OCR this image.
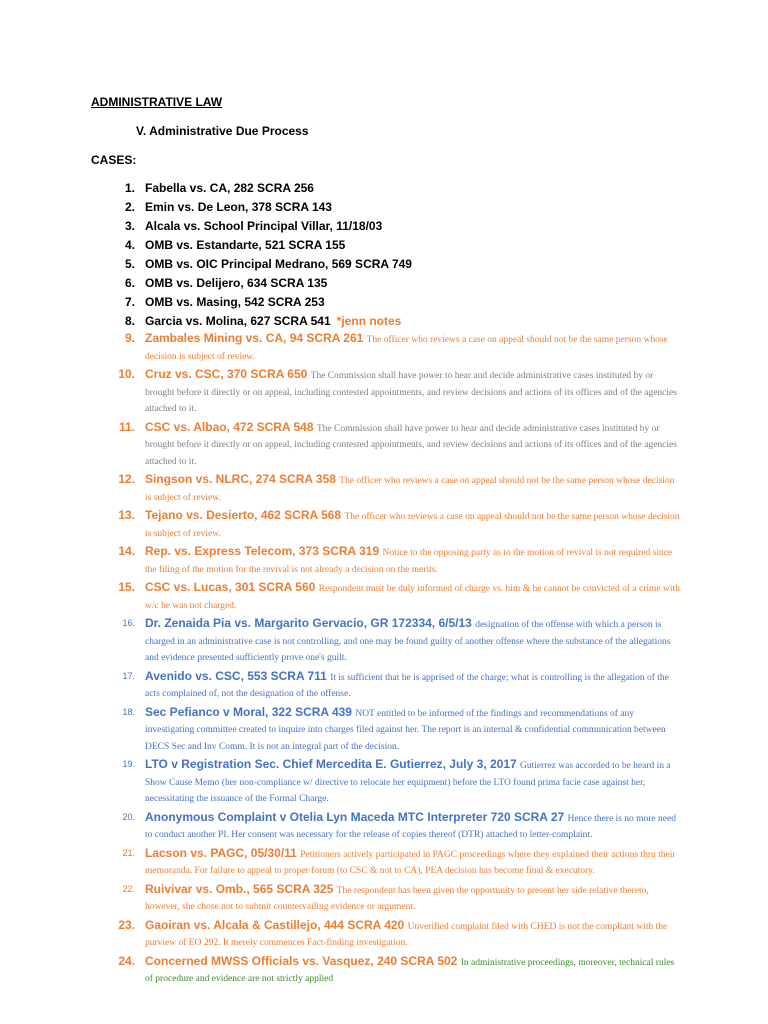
ADMINISTRATIVE LAW
V. Administrative Due Process
CASES:
1. Fabella vs. CA, 282 SCRA 256
2. Emin vs. De Leon, 378 SCRA 143
3. Alcala vs. School Principal Villar, 11/18/03
4. OMB vs. Estandarte, 521 SCRA 155
5. OMB vs. OIC Principal Medrano, 569 SCRA 749
6. OMB vs. Delijero, 634 SCRA 135
7. OMB vs. Masing, 542 SCRA 253
8. Garcia vs. Molina, 627 SCRA 541 *jenn notes
9. Zambales Mining vs. CA, 94 SCRA 261 The officer who reviews a case on appeal should not be the same person whose decision is subject of review.
10. Cruz vs. CSC, 370 SCRA 650 The Commission shall have power to hear and decide administrative cases instituted by or brought before it directly or on appeal, including contested appointments, and review decisions and actions of its offices and of the agencies attached to it.
11. CSC vs. Albao, 472 SCRA 548 The Commission shall have power to hear and decide administrative cases instituted by or brought before it directly or on appeal, including contested appointments, and review decisions and actions of its offices and of the agencies attached to it.
12. Singson vs. NLRC, 274 SCRA 358 The officer who reviews a case on appeal should not be the same person whose decision is subject of review.
13. Tejano vs. Desierto, 462 SCRA 568 The officer who reviews a case on appeal should not be the same person whose decision is subject of review.
14. Rep. vs. Express Telecom, 373 SCRA 319 Notice to the opposing party as to the motion of revival is not required since the filing of the motion for the revival is not already a decision on the merits.
15. CSC vs. Lucas, 301 SCRA 560 Respondent must be duly informed of charge vs. him & he cannot be convicted of a crime with w/c he was not charged.
16. Dr. Zenaida Pia vs. Margarito Gervacio, GR 172334, 6/5/13 designation of the offense with which a person is charged in an administrative case is not controlling, and one may be found guilty of another offense where the substance of the allegations and evidence presented sufficiently prove one's guilt.
17. Avenido vs. CSC, 553 SCRA 711 It is sufficient that he is apprised of the charge; what is controlling is the allegation of the acts complained of, not the designation of the offense.
18. Sec Pefianco v Moral, 322 SCRA 439 NOT entitled to be informed of the findings and recommendations of any investigating committee created to inquire into charges filed against her. The report is an internal & confidential communication between DECS Sec and Inv Comm. It is not an integral part of the decision.
19. LTO v Registration Sec. Chief Mercedita E. Gutierrez, July 3, 2017 Gutierrez was accorded to be heard in a Show Cause Memo (her non-compliance w/ directive to relocate her equipment) before the LTO found prima facie case against her, necessitating the issuance of the Formal Charge.
20. Anonymous Complaint v Otelia Lyn Maceda MTC Interpreter 720 SCRA 27 Hence there is no more need to conduct another PI. Her consent was necessary for the release of copies thereof (DTR) attached to letter-complaint.
21. Lacson vs. PAGC, 05/30/11 Petitioners actively participated in PAGC proceedings where they explained their actions thru their memoranda. For failure to appeal to proper forum (to CSC & not to CA), PEA decision has become final & executory.
22. Ruivivar vs. Omb., 565 SCRA 325 The respondent has been given the opportunity to present her side relative thereto, however, she chose not to submit countervailing evidence or argument.
23. Gaoiran vs. Alcala & Castillejo, 444 SCRA 420 Unverified complaint filed with CHED is not the compliant with the purview of EO 292. It merely commences Fact-finding investigation.
24. Concerned MWSS Officials vs. Vasquez, 240 SCRA 502 In administrative proceedings, moreover, technical rules of procedure and evidence are not strictly applied
